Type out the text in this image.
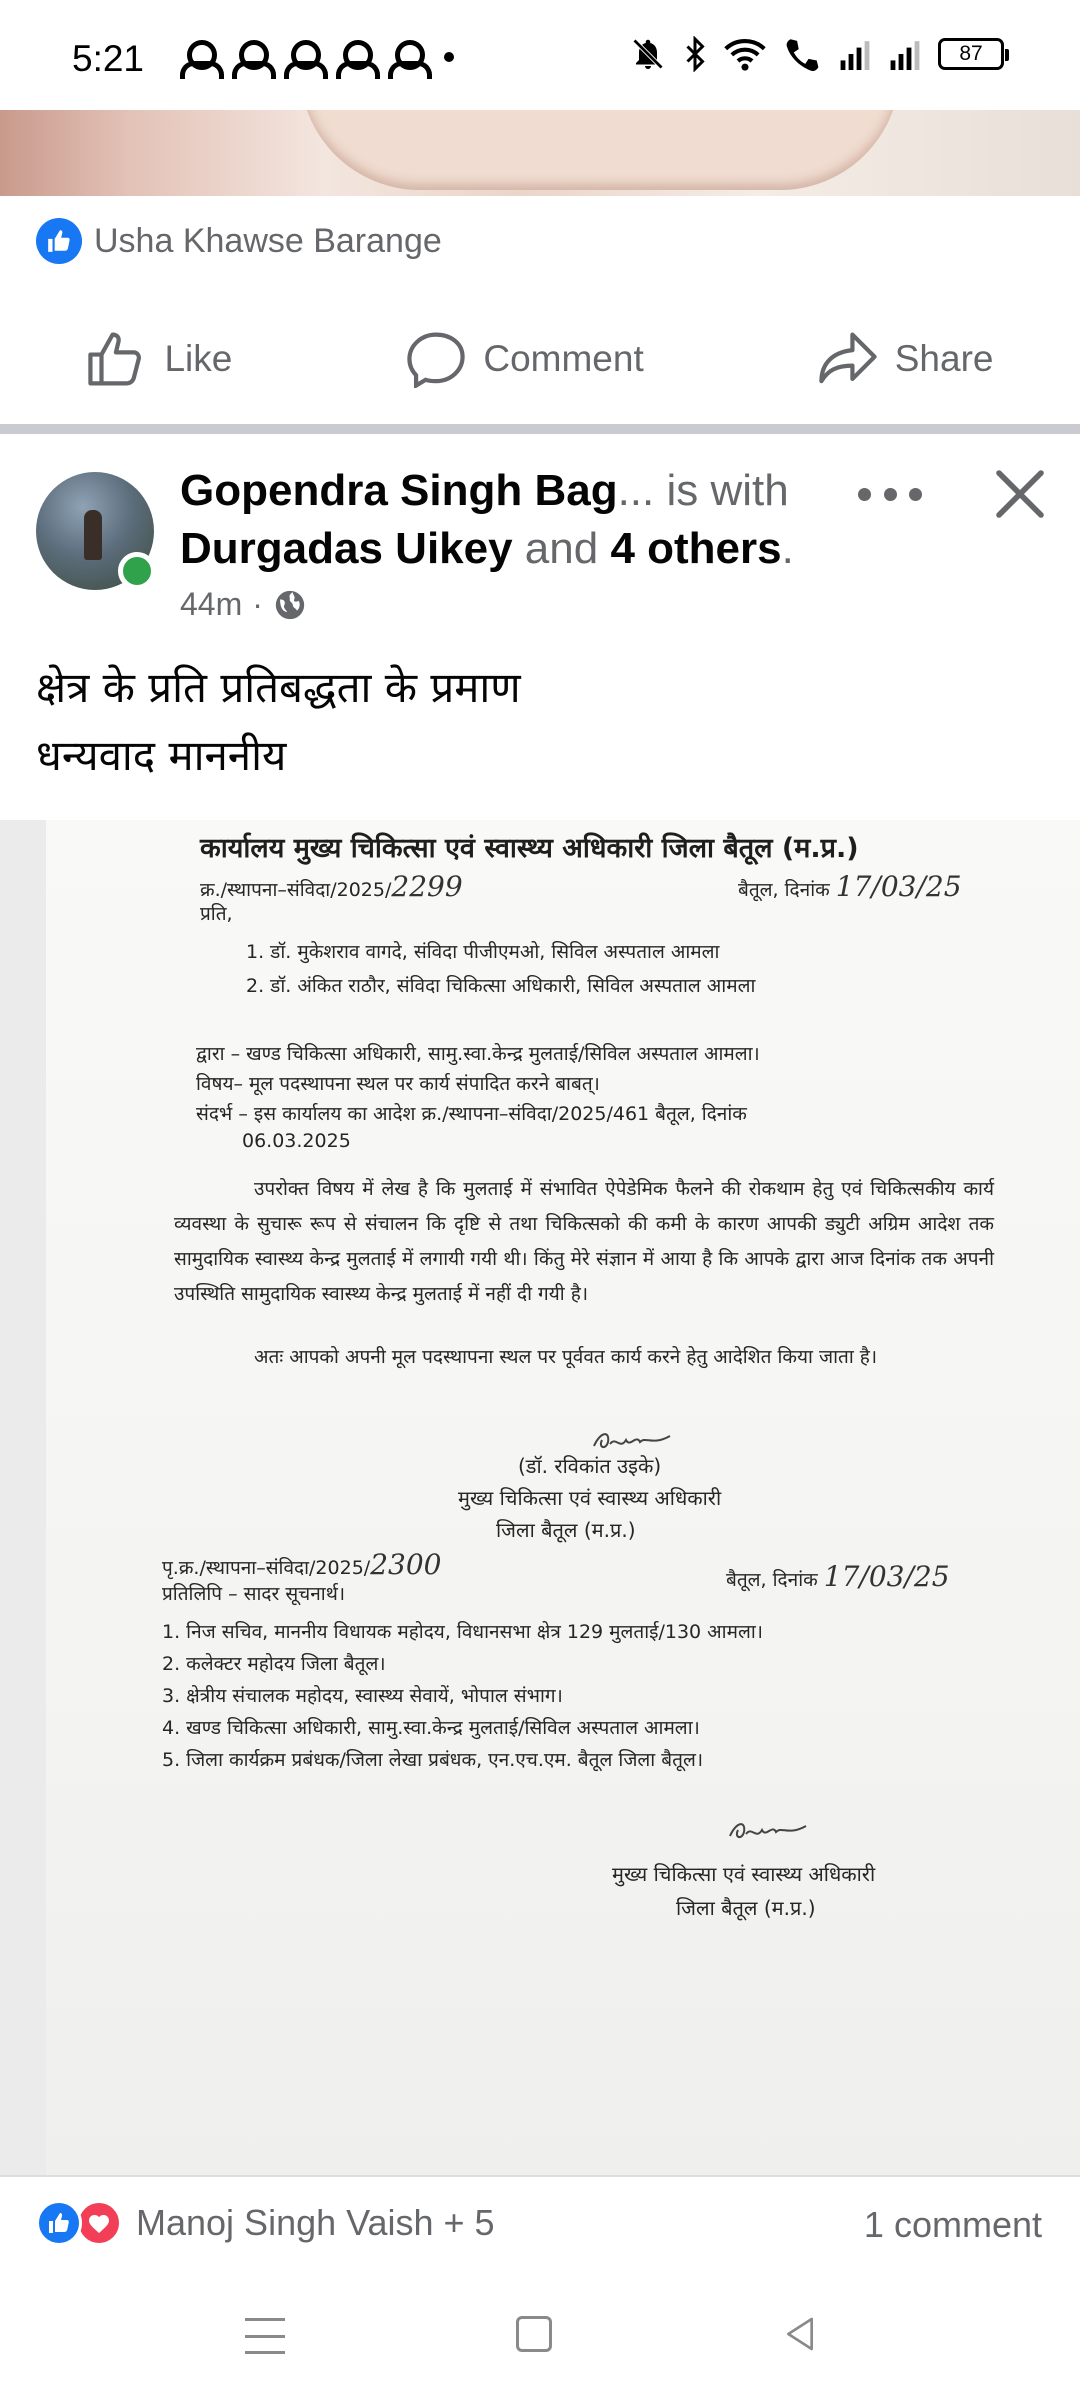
5:21	87
Usha Khawse Barange
Like	Comment	Share
Gopendra Singh Bag... is with
Durgadas Uikey and 4 others.
44m ·
क्षेत्र के प्रति प्रतिबद्धता के प्रमाण
धन्यवाद माननीय
कार्यालय मुख्य चिकित्सा एवं स्वास्थ्य अधिकारी जिला बैतूल (म.प्र.)
क्र./स्थापना–संविदा/2025/2299	बैतूल, दिनांक 17/03/25
प्रति,
1. डॉ. मुकेशराव वागदे, संविदा पीजीएमओ, सिविल अस्पताल आमला
2. डॉ. अंकित राठौर, संविदा चिकित्सा अधिकारी, सिविल अस्पताल आमला
द्वारा – खण्ड चिकित्सा अधिकारी, सामु.स्वा.केन्द्र मुलताई/सिविल अस्पताल आमला।
विषय– मूल पदस्थापना स्थल पर कार्य संपादित करने बाबत्।
संदर्भ – इस कार्यालय का आदेश क्र./स्थापना–संविदा/2025/461 बैतूल, दिनांक
06.03.2025
उपरोक्त विषय में लेख है कि मुलताई में संभावित ऐपेडेमिक फैलने की रोकथाम हेतु एवं चिकित्सकीय कार्य व्यवस्था के सुचारू रूप से संचालन कि दृष्टि से तथा चिकित्सको की कमी के कारण आपकी ड्युटी अग्रिम आदेश तक सामुदायिक स्वास्थ्य केन्द्र मुलताई में लगायी गयी थी। किंतु मेरे संज्ञान में आया है कि आपके द्वारा आज दिनांक तक अपनी उपस्थिति सामुदायिक स्वास्थ्य केन्द्र मुलताई में नहीं दी गयी है।
अतः आपको अपनी मूल पदस्थापना स्थल पर पूर्ववत कार्य करने हेतु आदेशित किया जाता है।
(डॉ. रविकांत उइके)
मुख्य चिकित्सा एवं स्वास्थ्य अधिकारी
जिला बैतूल (म.प्र.)
पृ.क्र./स्थापना–संविदा/2025/2300	बैतूल, दिनांक 17/03/25
प्रतिलिपि – सादर सूचनार्थ।
1. निज सचिव, माननीय विधायक महोदय, विधानसभा क्षेत्र 129 मुलताई/130 आमला।
2. कलेक्टर महोदय जिला बैतूल।
3. क्षेत्रीय संचालक महोदय, स्वास्थ्य सेवायें, भोपाल संभाग।
4. खण्ड चिकित्सा अधिकारी, सामु.स्वा.केन्द्र मुलताई/सिविल अस्पताल आमला।
5. जिला कार्यक्रम प्रबंधक/जिला लेखा प्रबंधक, एन.एच.एम. बैतूल जिला बैतूल।
मुख्य चिकित्सा एवं स्वास्थ्य अधिकारी
जिला बैतूल (म.प्र.)
Manoj Singh Vaish + 5	1 comment
